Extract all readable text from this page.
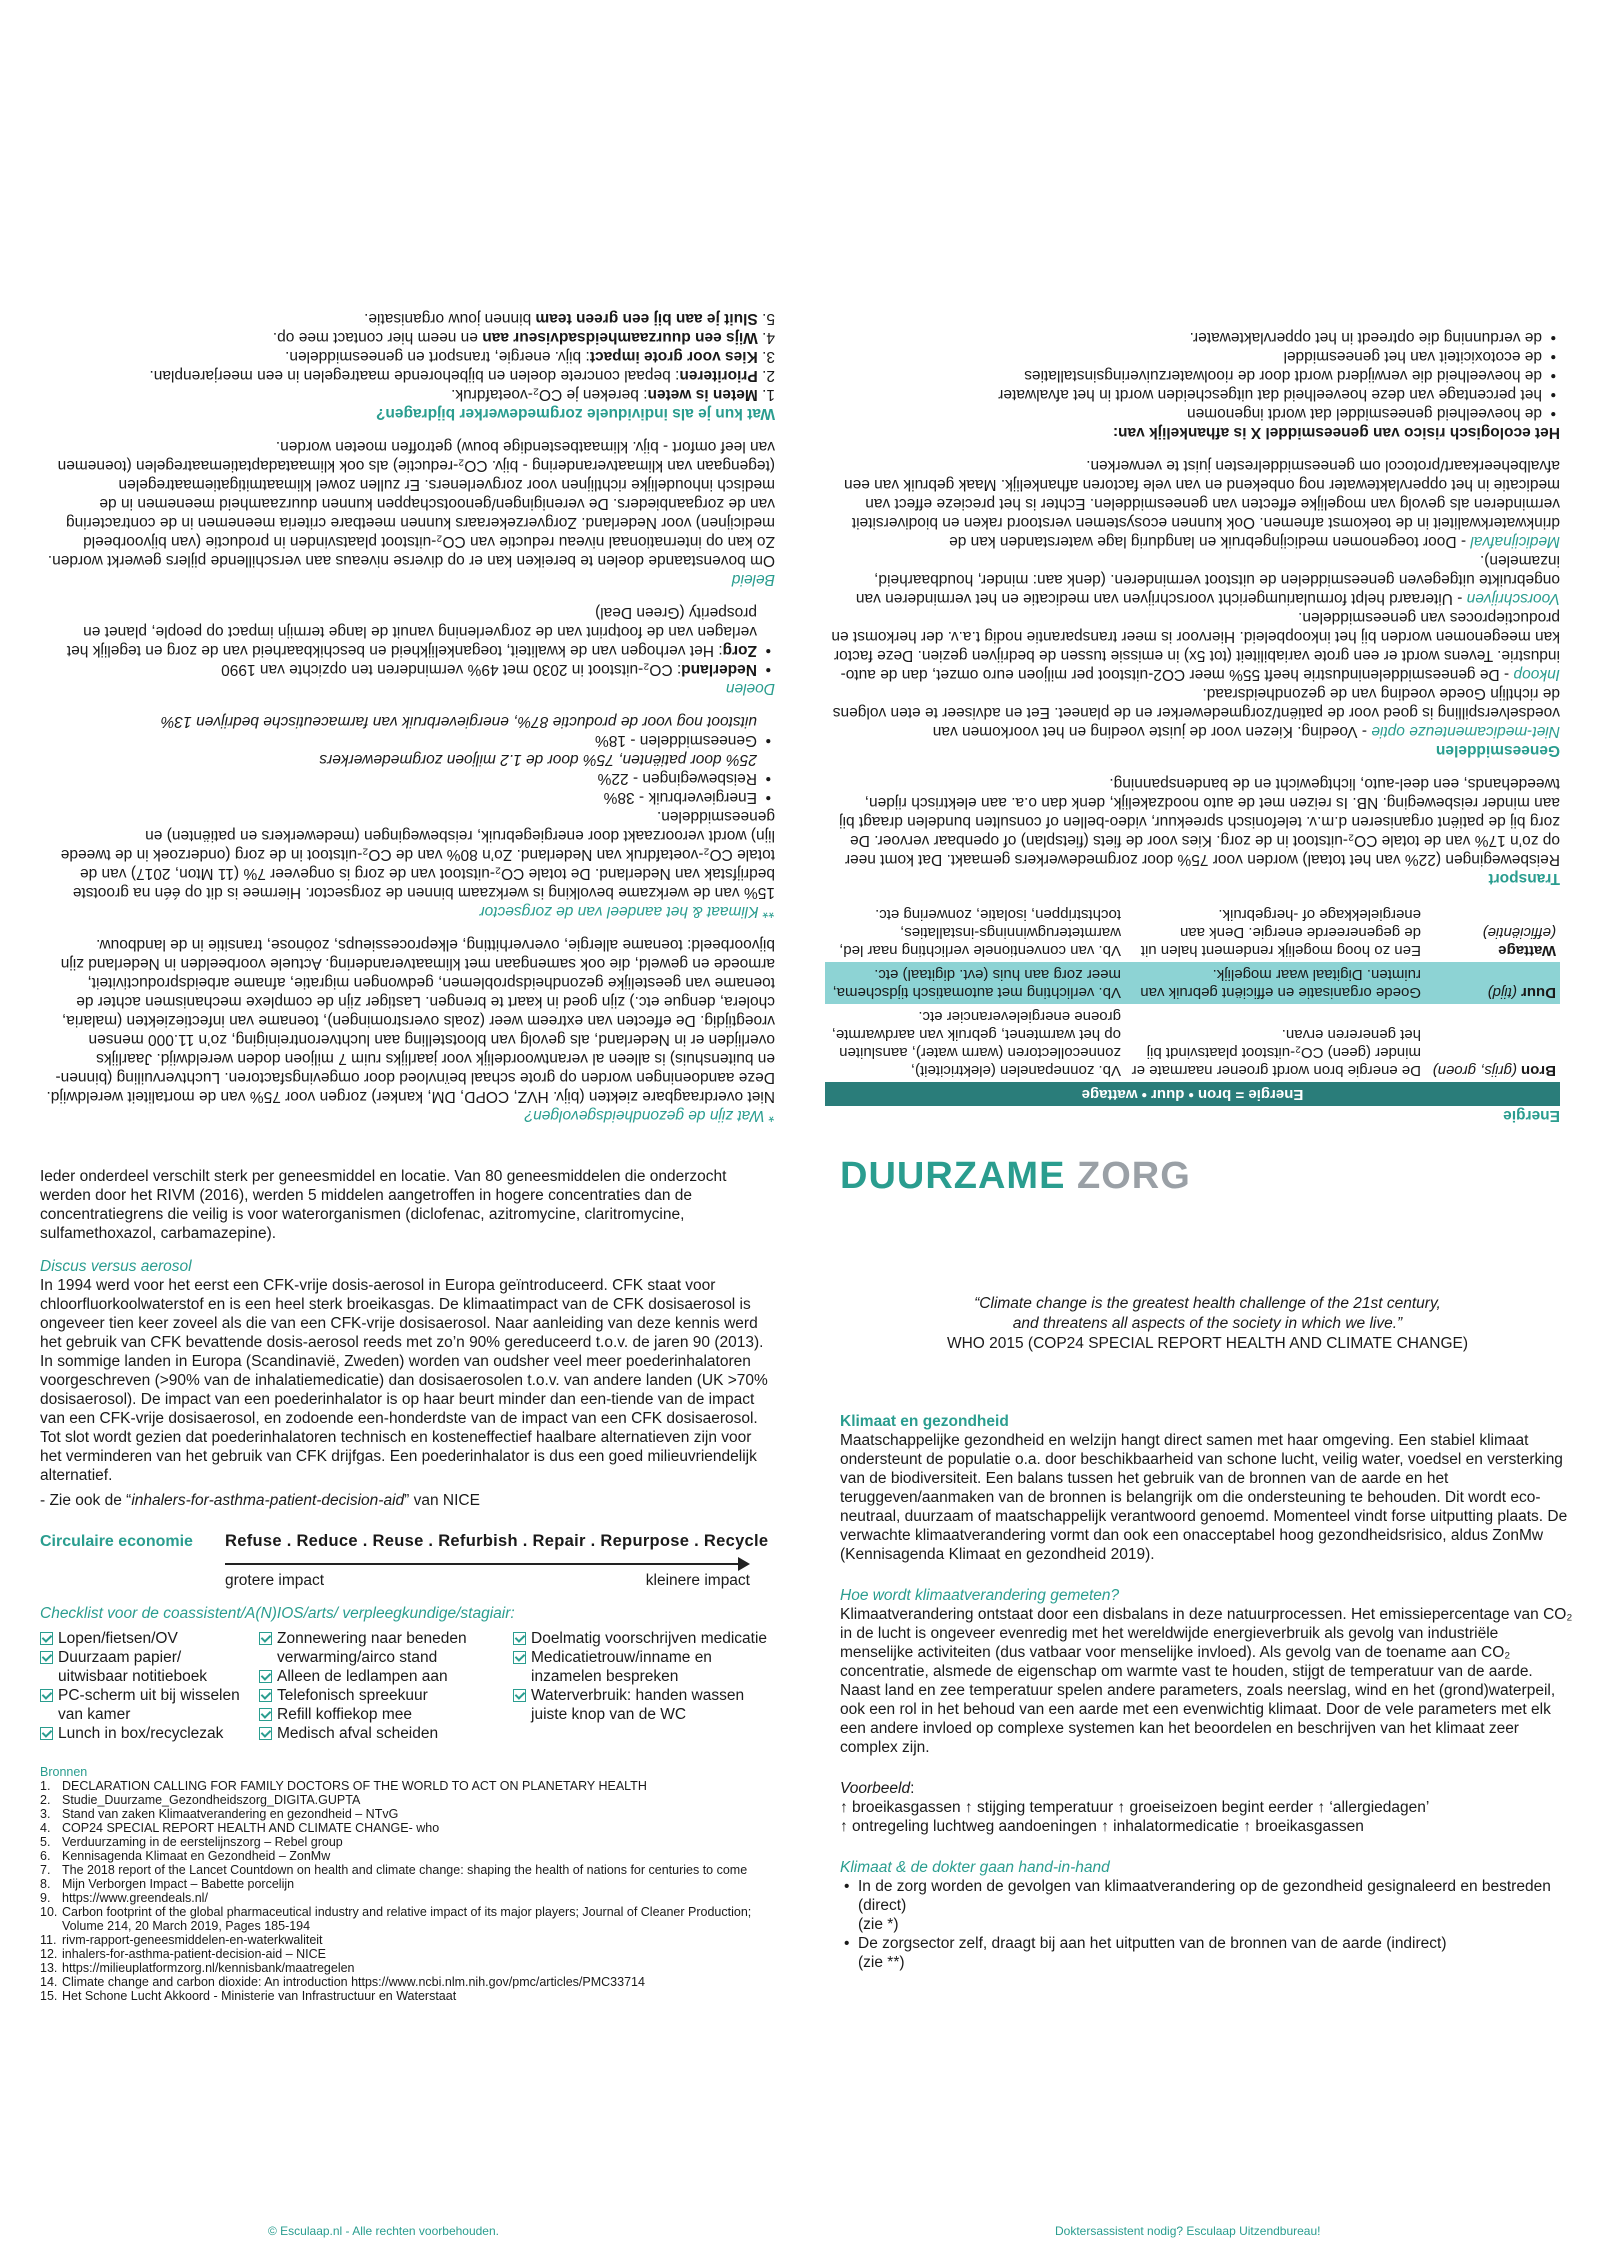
Energie
Energie = bron • duur • wattage		
Bron (grijs, groen)	De energie bron wordt groener naarmate er minder (geen) CO₂-uitstoot plaatsvindt bij het genereren ervan.	Vb. zonnepanelen (elektriciteit), zonnecollectoren (warm water), aansluiten op het warmtenet, gebruik van aardwarmte, groene energieleverancier etc.
Duur (tijd)	Goede organisatie en efficiënt gebruik van ruimten. Digitaal waar mogelijk.	Vb. verlichting met automatisch tijdschema, meer zorg aan huis (evt. digitaal) etc.
Wattage (efficiëntie)	Een zo hoog mogelijk rendement halen uit de gegenereerde energie. Denk aan energielekkage of -hergebruik.	Vb. van conventionele verlichting naar led, warmteterugwinnings-installaties, tochtstrippen, isolatie, zonwering etc.
Transport

Reisbewegingen (22% van het totaal) worden voor 75% door zorgmedewerkers gemaakt. Dat komt neer op zo’n 17% van de totale CO₂-uitstoot in de zorg. Kies voor de fiets (fietsplan) of openbaar vervoer. De zorg bij de patiënt organiseren d.m.v. telefonisch spreekuur, video-bellen of consulten bundelen draagt bij aan minder reisbeweging. NB. Is reizen met de auto noodzakelijk, denk dan o.a. aan elektrisch rijden, tweedehands, een deel-auto, lichtgewicht en de bandenspanning.

Geneesmiddelen

Niet-medicamenteuze optie - Voeding. Kiezen voor de juiste voeding en het voorkomen van voedselverspilling is goed voor de patiënt/zorgmedewerker en de planeet. Eet en adviseer te eten volgens de richtlijn Goede voeding van de gezondheidsraad.

Inkoop - De geneesmiddelenindustrie heeft 55% meer CO2-uitstoot per miljoen euro omzet, dan de auto-industrie. Tevens wordt er een grote variabiliteit (tot 5x) in emissie tussen de bedrijven gezien. Deze factor kan meegenomen worden bij het inkoopbeleid. Hiervoor is meer transparantie nodig t.a.v. der herkomst en productieproces van geneesmiddelen.

Voorschrijven - Uiteraard helpt formulariumgericht voorschrijven van medicatie en het verminderen van ongebruikte uitgegeven geneesmiddelen de uitstoot verminderen. (denk aan: minder, houdbaarheid, inzamelen).

Medicijnafval - Door toegenomen medicijngebruik en langdurig lage waterstanden kan de drinkwaterkwaliteit in de toekomst afnemen. Ook kunnen ecosystemen verstoord raken en biodiversiteit verminderen als gevolg van mogelijke effecten van geneesmiddelen. Echter is het precieze effect van medicatie in het oppervlaktewater nog onbekend en van vele factoren afhankelijk. Maak gebruik van een afvalbeheerkaart/protocol om geneesmiddelresten juist te verwerken.

Het ecologisch risico van geneesmiddel X is afhankelijk van:

• de hoeveelheid geneesmiddel dat wordt ingenomen
• het percentage van deze hoeveelheid dat uitgescheiden wordt in het afvalwater
• de hoeveelheid die verwijderd wordt door de rioolwaterzuiveringsinstallaties
• de ecotoxiciteit van het geneesmiddel
• de verdunning die optreedt in het oppervlaktewater.
* Wat zijn de gezondheidsgevolgen?

Niet overdraagbare ziekten (bijv. HVZ, COPD, DM, kanker) zorgen voor 75% van de mortaliteit wereldwijd. Deze aandoeningen worden op grote schaal beïnvloed door omgevingsfactoren. Luchtvervuiling (binnen- en buitenshuis) is alleen al verantwoordelijk voor jaarlijks ruim 7 miljoen doden wereldwijd. Jaarlijks overlijden er in Nederland, als gevolg van blootstelling aan luchtverontreiniging, zo’n 11.000 mensen vroegtijdig. De effecten van extreem weer (zoals overstromingen), toename van infectieziekten (malaria, cholera, dengue etc.) zijn goed in kaart te brengen. Lastiger zijn de complexe mechanismen achter de toename van geestelijke gezondheidsproblemen, gedwongen migratie, afname arbeidsproductiviteit, armoede en geweld, die ook samengaan met klimaatverandering. Actuele voorbeelden in Nederland zijn bijvoorbeeld: toename allergie, oververhitting, elkeprocessieups, zoönose, transitie in de landbouw.

** Klimaat & het aandeel van de zorgsector

15% van de werkzame bevolking is werkzaam binnen de zorgsector. Hiermee is dit op één na grootste bedrijfstak van Nederland. De totale CO₂-uitstoot van de zorg is ongeveer 7% (11 Mton, 2017) van de totale CO₂-voetafdruk van Nederland. Zo’n 80% van de CO₂-uitstoot in de zorg (onderzoek in de tweede lijn) wordt veroorzaakt door energiegebruik, reisbewegingen (medewerkers en patiënten) en geneesmiddelen.

• Energieverbruik - 38%
• Reisbewegingen - 22%
25% door patiënten, 75% door de 1.2 miljoen zorgmedewerkers
• Geneesmiddelen - 18%
uitstoot nog voor de productie 87%, energieverbruik van farmaceutische bedrijven 13%
Doelen
• Nederland: CO₂-uitstoot in 2030 met 49% verminderen ten opzichte van 1990
• Zorg: Het verhogen van de kwaliteit, toegankelijkheid en beschikbaarheid van de zorg en tegelijk het verlagen van de footprint van de zorgverlening vanuit de lange termijn impact op people, planet en prosperity (Green Deal)
Beleid

Om bovenstaande doelen te bereiken kan er op diverse niveaus aan verschillende pijlers gewerkt worden. Zo kan op internationaal niveau reductie van CO₂-uitstoot plaatsvinden in productie (van bijvoorbeeld medicijnen) voor Nederland. Zorgverzekeraars kunnen meetbare criteria meenemen in de contractering van de zorgaanbieders. De verenigingen/genootschappen kunnen duurzaamheid meenemen in de medisch inhoudelijke richtlijnen voor zorgverleners. Er zullen zowel klimaatmitigatiemaatregelen (tegengaan van klimaatverandering - bijv. CO₂-reductie) als ook klimaatadaptatiemaatregelen (toenemen van leef omfort - bijv. klimaatbestendige bouw) getroffen moeten worden.

Wat kun je als individuele zorgmedewerker bijdragen?

1. Meten is weten: bereken je CO₂-voetafdruk.

2. Prioriteren: bepaal concrete doelen en bijbehorende maatregelen in een meerjarenplan.

3. Kies voor grote impact: bijv. energie, transport en geneesmiddelen.

4. Wijs een duurzaamheidsadviseur aan en neem hier contact mee op.

5. Sluit je aan bij een green team binnen jouw organisatie.

Ieder onderdeel verschilt sterk per geneesmiddel en locatie. Van 80 geneesmiddelen die onderzocht werden door het RIVM (2016), werden 5 middelen aangetroffen in hogere concentraties dan de concentratiegrens die veilig is voor waterorganismen (diclofenac, azitromycine, claritromycine, sulfamethoxazol, carbamazepine).

Discus versus aerosol

In 1994 werd voor het eerst een CFK-vrije dosis-aerosol in Europa geïntroduceerd. CFK staat voor chloorfluorkoolwaterstof en is een heel sterk broeikasgas. De klimaatimpact van de CFK dosisaerosol is ongeveer tien keer zoveel als die van een CFK-vrije dosisaerosol. Naar aanleiding van deze kennis werd het gebruik van CFK bevattende dosis-aerosol reeds met zo’n 90% gereduceerd t.o.v. de jaren 90 (2013). In sommige landen in Europa (Scandinavië, Zweden) worden van oudsher veel meer poederinhalatoren voorgeschreven (>90% van de inhalatiemedicatie) dan dosisaerosolen t.o.v. van andere landen (UK >70% dosisaerosol). De impact van een poederinhalator is op haar beurt minder dan een-tiende van de impact van een CFK-vrije dosisaerosol, en zodoende een-honderdste van de impact van een CFK dosisaerosol. Tot slot wordt gezien dat poederinhalatoren technisch en kosteneffectief haalbare alternatieven zijn voor het verminderen van het gebruik van CFK drijfgas. Een poederinhalator is dus een goed milieuvriendelijk alternatief.

- Zie ook de “inhalers-for-asthma-patient-decision-aid” van NICE

Circulaire economie	Refuse . Reduce . Reuse . Refurbish . Repair . Repurpose . Recycle
grotere impact	kleinere impact
Checklist voor de coassistent/A(N)IOS/arts/ verpleegkundige/stagiair:
Lopen/fietsen/OV
Duurzaam papier/ uitwisbaar notitieboek
PC-scherm uit bij wisselen van kamer
Lunch in box/recyclezak
Zonnewering naar beneden verwarming/airco stand
Alleen de ledlampen aan
Telefonisch spreekuur
Refill koffiekop mee
Medisch afval scheiden
Doelmatig voorschrijven medicatie
Medicatietrouw/inname en inzamelen bespreken
Waterverbruik: handen wassen juiste knop van de WC
Bronnen
1. DECLARATION CALLING FOR FAMILY DOCTORS OF THE WORLD TO ACT ON PLANETARY HEALTH
2. Studie_Duurzame_Gezondheidszorg_DIGITA.GUPTA
3. Stand van zaken Klimaatverandering en gezondheid – NTvG
4. COP24 SPECIAL REPORT HEALTH AND CLIMATE CHANGE- who
5. Verduurzaming in de eerstelijnszorg – Rebel group
6. Kennisagenda Klimaat en Gezondheid – ZonMw
7. The 2018 report of the Lancet Countdown on health and climate change: shaping the health of nations for centuries to come
8. Mijn Verborgen Impact – Babette porcelijn
9. https://www.greendeals.nl/
10. Carbon footprint of the global pharmaceutical industry and relative impact of its major players; Journal of Cleaner Production; Volume 214, 20 March 2019, Pages 185-194
11. rivm-rapport-geneesmiddelen-en-waterkwaliteit
12. inhalers-for-asthma-patient-decision-aid – NICE
13. https://milieuplatformzorg.nl/kennisbank/maatregelen
14. Climate change and carbon dioxide: An introduction https://www.ncbi.nlm.nih.gov/pmc/articles/PMC33714
15. Het Schone Lucht Akkoord - Ministerie van Infrastructuur en Waterstaat
DUURZAME ZORG
“Climate change is the greatest health challenge of the 21st century,
and threatens all aspects of the society in which we live.”
WHO 2015 (COP24 SPECIAL REPORT HEALTH AND CLIMATE CHANGE)
Klimaat en gezondheid

Maatschappelijke gezondheid en welzijn hangt direct samen met haar omgeving. Een stabiel klimaat ondersteunt de populatie o.a. door beschikbaarheid van schone lucht, veilig water, voedsel en versterking van de biodiversiteit. Een balans tussen het gebruik van de bronnen van de aarde en het teruggeven/aanmaken van de bronnen is belangrijk om die ondersteuning te behouden. Dit wordt eco-neutraal, duurzaam of maatschappelijk verantwoord genoemd. Momenteel vindt forse uitputting plaats. De verwachte klimaatverandering vormt dan ook een onacceptabel hoog gezondheidsrisico, aldus ZonMw (Kennisagenda Klimaat en gezondheid 2019).

Hoe wordt klimaatverandering gemeten?

Klimaatverandering ontstaat door een disbalans in deze natuurprocessen. Het emissiepercentage van CO₂ in de lucht is ongeveer evenredig met het wereldwijde energieverbruik als gevolg van industriële menselijke activiteiten (dus vatbaar voor menselijke invloed). Als gevolg van de toename aan CO₂ concentratie, alsmede de eigenschap om warmte vast te houden, stijgt de temperatuur van de aarde. Naast land en zee temperatuur spelen andere parameters, zoals neerslag, wind en het (grond)waterpeil, ook een rol in het behoud van een aarde met een evenwichtig klimaat. Door de vele parameters met elk een andere invloed op complexe systemen kan het beoordelen en beschrijven van het klimaat zeer complex zijn.

Voorbeeld:

↑ broeikasgassen ↑ stijging temperatuur ↑ groeiseizoen begint eerder ↑ ‘allergiedagen’

↑ ontregeling luchtweg aandoeningen ↑ inhalatormedicatie ↑ broeikasgassen

Klimaat & de dokter gaan hand-in-hand
• In de zorg worden de gevolgen van klimaatverandering op de gezondheid gesignaleerd en bestreden (direct)
(zie *)
• De zorgsector zelf, draagt bij aan het uitputten van de bronnen van de aarde (indirect)
(zie **)
© Esculaap.nl - Alle rechten voorbehouden.	Doktersassistent nodig? Esculaap Uitzendbureau!
